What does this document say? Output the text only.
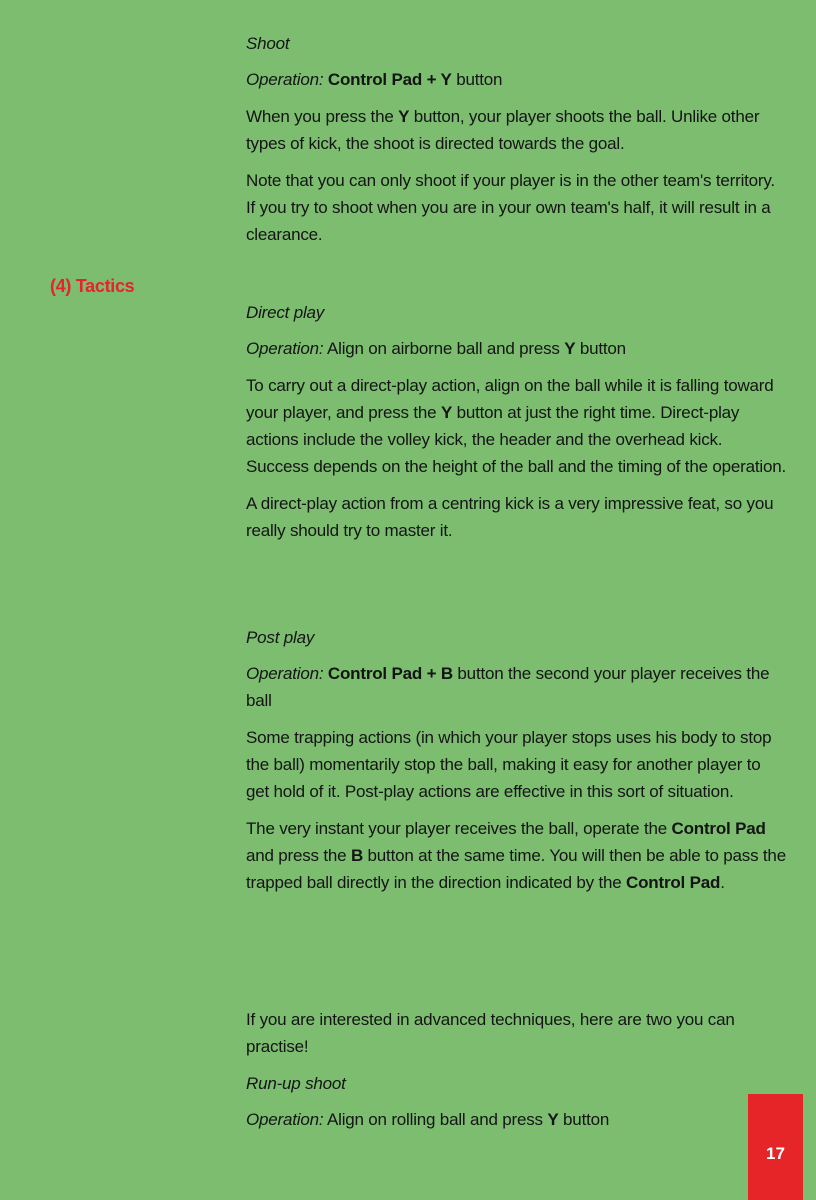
(4) Tactics

Shoot

Operation: Control Pad + Y button

When you press the Y button, your player shoots the ball. Unlike other types of kick, the shoot is directed towards the goal.

Note that you can only shoot if your player is in the other team's territory. If you try to shoot when you are in your own team's half, it will result in a clearance.

Direct play

Operation: Align on airborne ball and press Y button

To carry out a direct-play action, align on the ball while it is falling toward your player, and press the Y button at just the right time. Direct-play actions include the volley kick, the header and the overhead kick. Success depends on the height of the ball and the timing of the operation.

A direct-play action from a centring kick is a very impressive feat, so you really should try to master it.

Post play

Operation: Control Pad + B button the second your player receives the ball

Some trapping actions (in which your player stops uses his body to stop the ball) momentarily stop the ball, making it easy for another player to get hold of it. Post-play actions are effective in this sort of situation.

The very instant your player receives the ball, operate the Control Pad and press the B button at the same time. You will then be able to pass the trapped ball directly in the direction indicated by the Control Pad.

If you are interested in advanced techniques, here are two you can practise!

Run-up shoot

Operation: Align on rolling ball and press Y button

17
